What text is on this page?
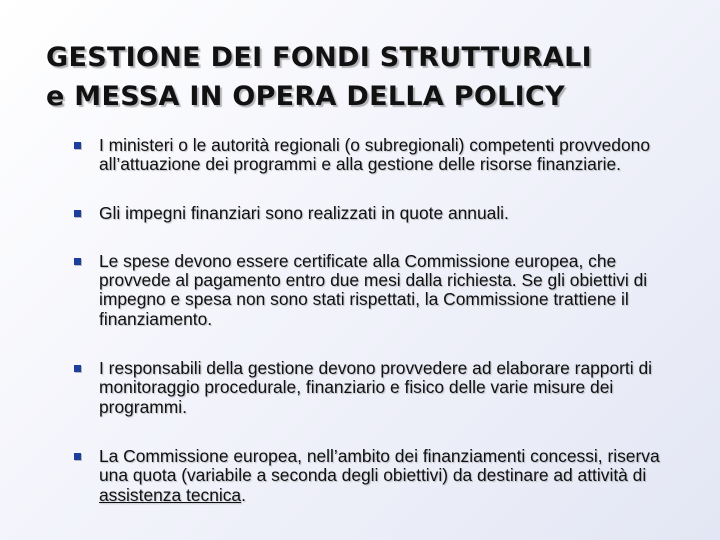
GESTIONE DEI FONDI STRUTTURALI
e MESSA IN OPERA DELLA POLICY
I ministeri o le autorità regionali (o subregionali) competenti provvedono all’attuazione dei programmi e alla gestione delle risorse finanziarie.
Gli impegni finanziari sono realizzati in quote annuali.
Le spese devono essere certificate alla Commissione europea, che provvede al pagamento entro due mesi dalla richiesta. Se gli obiettivi di impegno e spesa non sono stati rispettati, la Commissione trattiene il finanziamento.
I responsabili della gestione devono provvedere ad elaborare rapporti di monitoraggio procedurale, finanziario e fisico delle varie misure dei programmi.
La Commissione europea, nell’ambito dei finanziamenti concessi, riserva una quota (variabile a seconda degli obiettivi) da destinare ad attività di assistenza tecnica.
